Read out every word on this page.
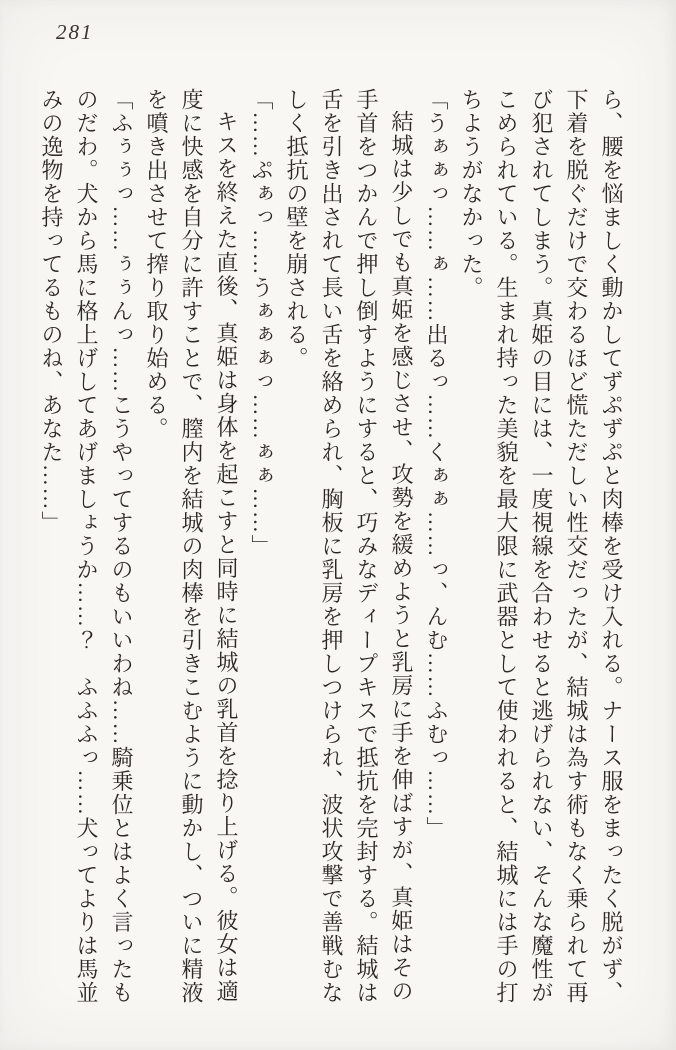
281

ら、腰を悩ましく動かしてずぷずぷと肉棒を受け入れる。ナース服をまったく脱がず、下着を脱ぐだけで交わるほど慌ただしい性交だったが、結城は為す術もなく乗られて再び犯されてしまう。真姫の目には、一度視線を合わせると逃げられない、そんな魔性がこめられている。生まれ持った美貌を最大限に武器として使われると、結城には手の打ちようがなかった。

「うぁぁっ……ぁ……出るっ……くぁぁ……っ、んむ……ふむっ……」

結城は少しでも真姫を感じさせ、攻勢を緩めようと乳房に手を伸ばすが、真姫はその手首をつかんで押し倒すようにすると、巧みなディープキスで抵抗を完封する。結城は舌を引き出されて長い舌を絡められ、胸板に乳房を押しつけられ、波状攻撃で善戦むなしく抵抗の壁を崩される。

「……ぷぁっ……うぁぁぁっ……ぁぁ……」

キスを終えた直後、真姫は身体を起こすと同時に結城の乳首を捻り上げる。彼女は適度に快感を自分に許すことで、膣内を結城の肉棒を引きこむように動かし、ついに精液を噴き出させて搾り取り始める。

「ふぅぅっ……ぅぅんっ……こうやってするのもいいわね……騎乗位とはよく言ったものだわ。犬から馬に格上げしてあげましょうか……？　ふふふっ……犬ってよりは馬並みの逸物を持ってるものね、あなた……」
